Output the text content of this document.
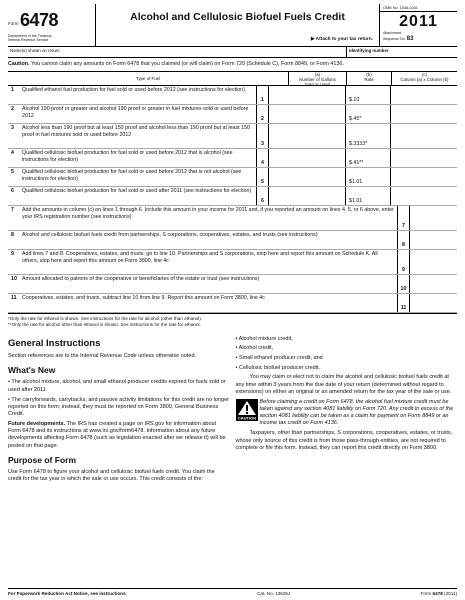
Form 6478
Department of the Treasury
Internal Revenue Service
Alcohol and Cellulosic Biofuel Fuels Credit
▶ Attach to your tax return.
OMB No. 1545-0231
2011
Attachment
Sequence No. 83
Name(s) shown on return	Identifying number
Caution. You cannot claim any amounts on Form 6478 that you claimed (or will claim) on Form 720 (Schedule C), Form 8849, or Form 4136.
Type of Fuel
(a)
Number of Gallons
Sold or Used
(b)
Rate
(c)
Column (a) x Column (b)
1	Qualified ethanol fuel production for fuel sold or used before 2012 (see instructions for election)
1	$.10
2	Alcohol 190 proof or greater and alcohol 190 proof or greater in fuel mixtures sold or used before 2012
2	$.45*
3	Alcohol less than 190 proof but at least 150 proof and alcohol less than 190 proof but at least 150 proof in fuel mixtures sold or used before 2012
3	$.3333*
4	Qualified cellulosic biofuel production for fuel sold or used before 2012 that is alcohol (see instructions for election)
4	$.41**
5	Qualified cellulosic biofuel production for fuel sold or used before 2012 that is not alcohol (see instructions for election)
5	$1.01
6	Qualified cellulosic biofuel production for fuel sold or used after 2011 (see instructions for election)
6	$1.01
7	Add the amounts in column (c) on lines 1 through 6. Include this amount in your income for 2011 and, if you reported an amount on lines 4, 5, or 6 above, enter your IRS registration number (see instructions)
7
8	Alcohol and cellulosic biofuel fuels credit from partnerships, S corporations, cooperatives, estates, and trusts (see instructions)
8
9	Add lines 7 and 8. Cooperatives, estates, and trusts, go to line 10. Partnerships and S corporations, stop here and report this amount on Schedule K. All others, stop here and report this amount on Form 3800, line 4c
9
10 Amount allocated to patrons of the cooperative or beneficiaries of the estate or trust (see instructions)
10
11	Cooperatives, estates, and trusts, subtract line 10 from line 9. Report this amount on Form 3800, line 4c
11
*Only the rate for ethanol is shown. See instructions for the rate for alcohol (other than ethanol).
**Only the rate for alcohol other than ethanol is shown. See instructions for the rate for ethanol.
General Instructions

Section references are to the Internal Revenue Code unless otherwise noted.

What's New

• The alcohol mixture, alcohol, and small ethanol producer credits expired for fuels sold or used after 2011.

• The carryforwards, carrybacks, and passive activity limitations for this credit are no longer reported on this form; instead, they must be reported on Form 3800, General Business Credit.

Future developments. The IRS has created a page on IRS.gov for information about Form 6478 and its instructions at www.irs.gov/form6478. Information about any future developments affecting Form 6478 (such as legislation enacted after we release it) will be posted on that page.

Purpose of Form

Use Form 6478 to figure your alcohol and cellulosic biofuel fuels credit. You claim the credit for the tax year in which the sale or use occurs. This credit consists of the:

• Alcohol mixture credit,
• Alcohol credit,
• Small ethanol producer credit, and
• Cellulosic biofuel producer credit.

You may claim or elect not to claim the alcohol and cellulosic biofuel fuels credit at any time within 3 years from the due date of your return (determined without regard to extensions) on either an original or an amended return for the tax year of the sale or use.

CAUTION
Before claiming a credit on Form 6478, the alcohol fuel mixture credit must be taken against any section 4081 liability on Form 720. Any credit in excess of the section 4081 liability can be taken as a claim for payment on Form 8849 or an income tax credit on Form 4136.

Taxpayers, other than partnerships, S corporations, cooperatives, estates, or trusts, whose only source of this credit is from those pass-through entities, are not required to complete or file this form. Instead, they can report this credit directly on Form 3800.

For Paperwork Reduction Act Notice, see instructions.	Cat. No. 13625J	Form 6478 (2011)
